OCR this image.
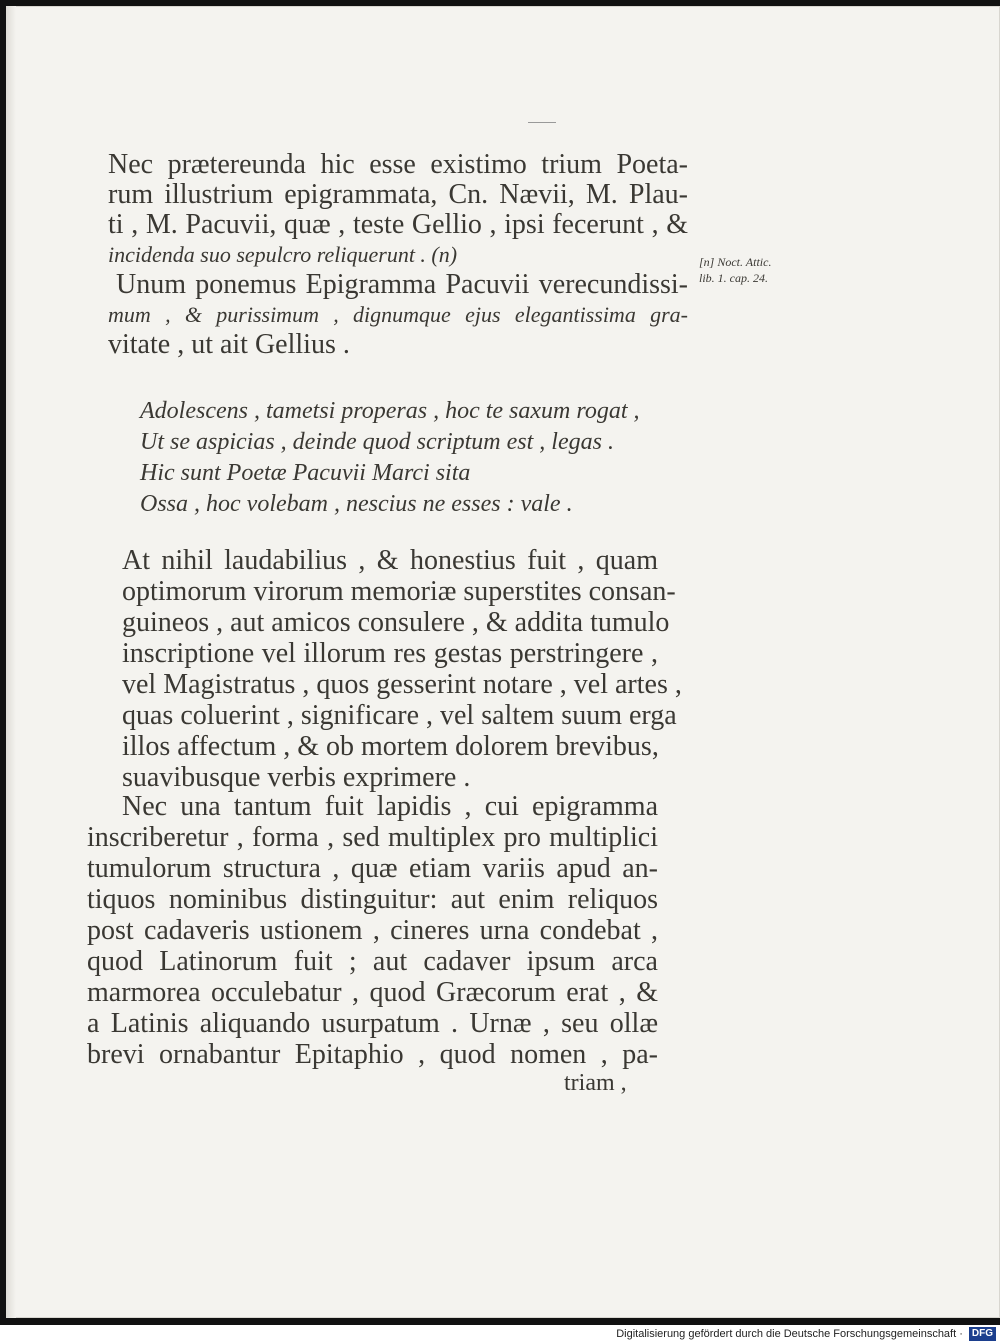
Nec prætereunda hic esse existimo trium Poeta-
rum illustrium epigrammata, Cn. Nævii, M. Plau-
ti , M. Pacuvii, quæ , teste Gellio , ipsi fecerunt , &
incidenda suo sepulcro reliquerunt . (n)	[n] Noct. Attic.
lib. 1. cap. 24.
Unum ponemus Epigramma Pacuvii verecundissi-
mum , & purissimum , dignumque ejus elegantissima gra-
vitate , ut ait Gellius .
Adolescens , tametsi properas , hoc te saxum rogat ,
Ut se aspicias , deinde quod scriptum est , legas .
Hic sunt Poetæ Pacuvii Marci sita
Ossa , hoc volebam , nescius ne esses : vale .
At nihil laudabilius , & honestius fuit , quam
optimorum virorum memoriæ superstites consan-
guineos , aut amicos consulere , & addita tumulo
inscriptione vel illorum res gestas perstringere ,
vel Magistratus , quos gesserint notare , vel artes ,
quas coluerint , significare , vel saltem suum erga
illos affectum , & ob mortem dolorem brevibus,
suavibusque verbis exprimere .
Nec una tantum fuit lapidis , cui epigramma
inscriberetur , forma , sed multiplex pro multiplici
tumulorum structura , quæ etiam variis apud an-
tiquos nominibus distinguitur: aut enim reliquos
post cadaveris ustionem , cineres urna condebat ,
quod Latinorum fuit ; aut cadaver ipsum arca
marmorea occulebatur , quod Græcorum erat , &
a Latinis aliquando usurpatum . Urnæ , seu ollæ
brevi ornabantur Epitaphio , quod nomen , pa-
triam ,
Digitalisierung gefördert durch die Deutsche Forschungsgemeinschaft · DFG
